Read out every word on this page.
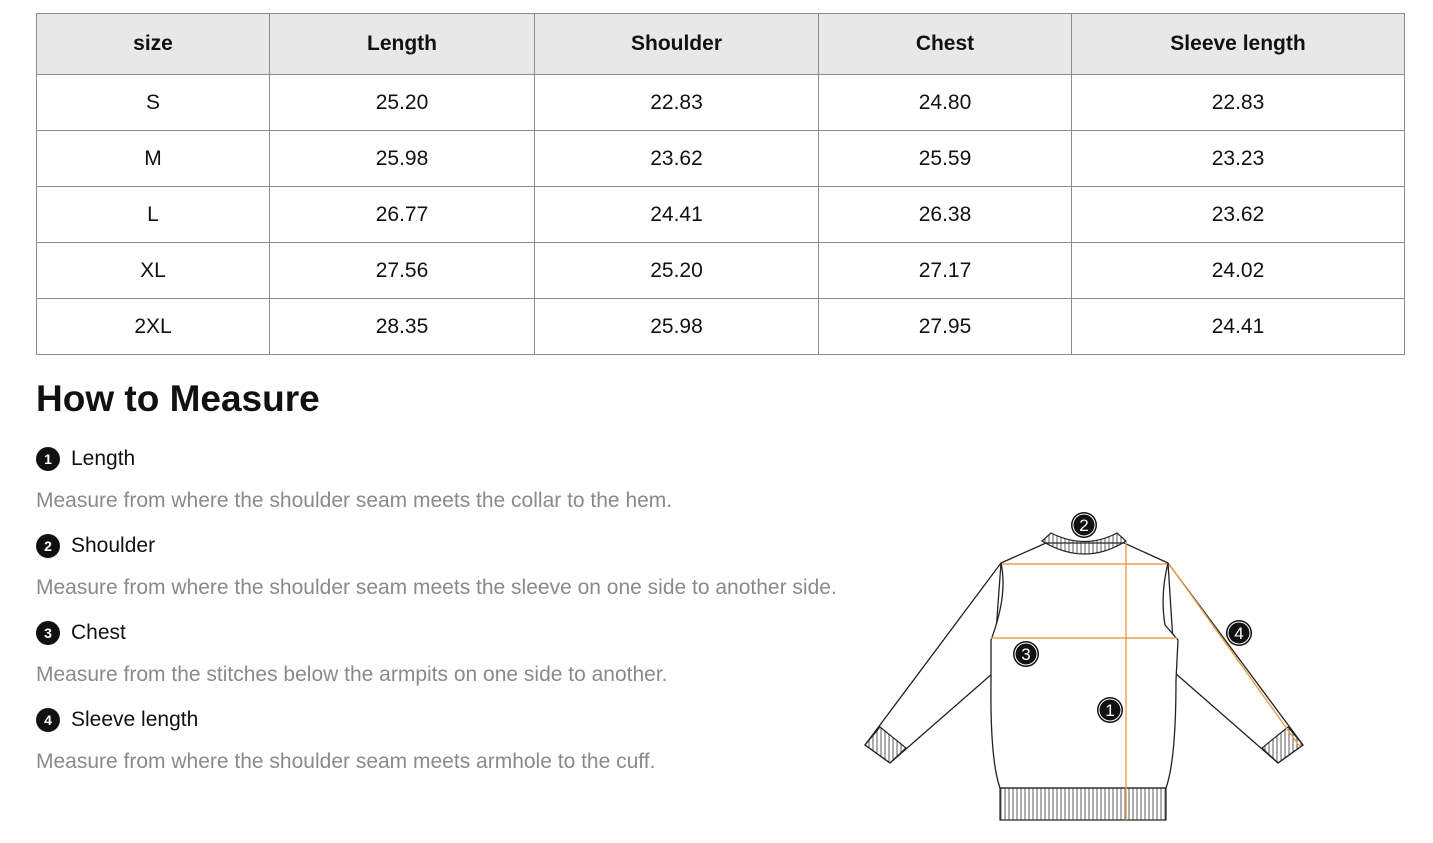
size	Length	Shoulder	Chest	Sleeve length
S	25.20	22.83	24.80	22.83
M	25.98	23.62	25.59	23.23
L	26.77	24.41	26.38	23.62
XL	27.56	25.20	27.17	24.02
2XL	28.35	25.98	27.95	24.41
How to Measure
1 Length
Measure from where the shoulder seam meets the collar to the hem.
2 Shoulder
Measure from where the shoulder seam meets the sleeve on one side to another side.
3 Chest
Measure from the stitches below the armpits on one side to another.
4 Sleeve length
Measure from where the shoulder seam meets armhole to the cuff.
2
4
3
1
